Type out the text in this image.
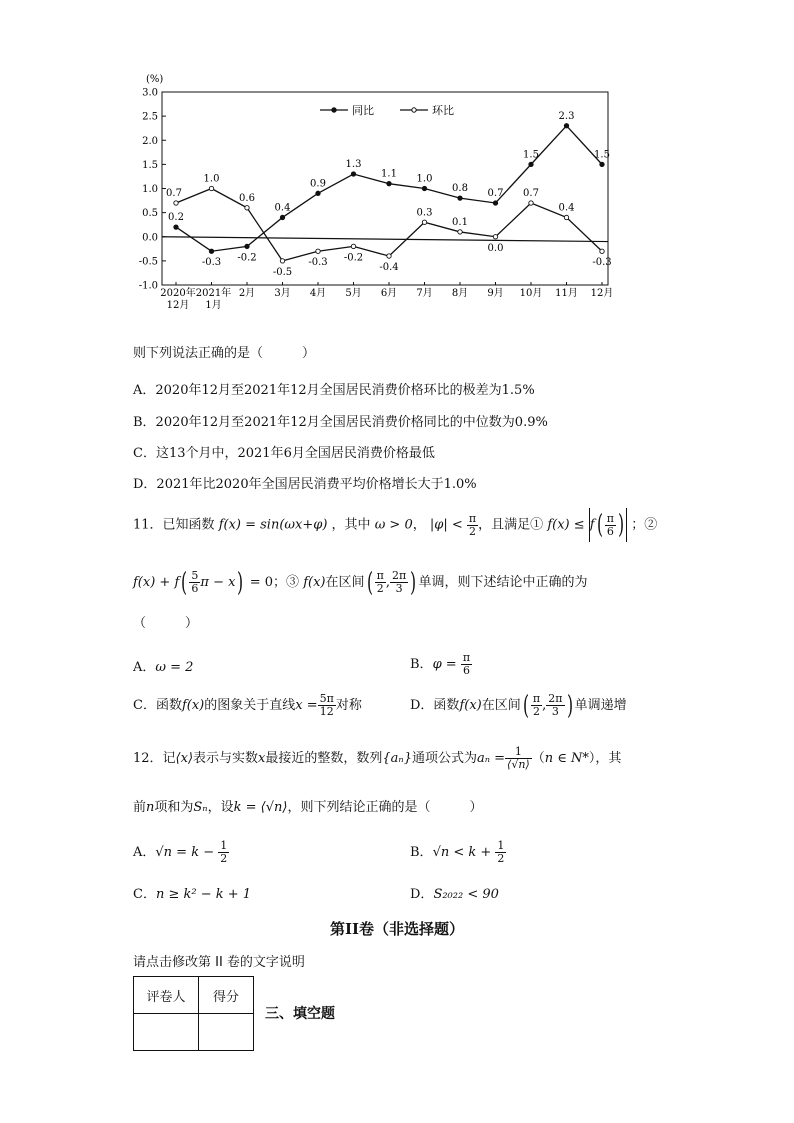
(%)
3.0
2.5
2.0
1.5
1.0
0.5
0.0
-0.5
-1.0
2020年
12月
2021年
1月
2月 3月 4月 5月 6月 7月 8月 9月 10月 11月 12月
0.2
-0.3 -0.2
0.4
0.9
1.3
1.1 1.0
0.8 0.7
1.5
2.3
1.5
0.7
1.0
0.6
-0.5
-0.3 -0.2
-0.4
0.3
0.1
0.0
0.7
0.4
-0.3
同比	环比
则下列说法正确的是（　　　）
A．2020年12月至2021年12月全国居民消费价格环比的极差为1.5%
B．2020年12月至2021年12月全国居民消费价格同比的中位数为0.9%
C．这13个月中，2021年6月全国居民消费价格最低
D．2021年比2020年全国居民消费平均价格增长大于1.0%
11．已知函数 f(x) = sin(ωx+φ) ，其中 ω > 0， $|\varphi| < \frac{\pi}{2}$ ，且满足① $f(x) \le f( \frac{\pi}{6}$ ) ；②
$f(x) + f( \frac{5}{6}$ π − x) = 0；③ f(x)在区间( $\frac{\pi}{2}$ , $\frac{2\pi}{3}$ ) 单调，则下述结论中正确的为
（　　　）
A．ω = 2	B．$\varphi = \frac{\pi}{6}$
C．函数f(x)的图象关于直线$x = \frac{5\pi}{12}$ 对称	D．函数f(x)在区间( $\frac{\pi}{2}$ , $\frac{2\pi}{3}$ ) 单调递增
12．记⟨x⟩表示与实数x最接近的整数，数列{aₙ}通项公式为$a_n = \frac{1}{⟨√n⟩} (n$ ∈ N*），其
前n项和为Sₙ，设k = ⟨√n⟩，则下列结论正确的是（　　　）
A．$√n = k - \frac{1}{2}$	B．$√n < k + \frac{1}{2}$
C．n ≥ k² − k + 1	D．S₂₀₂₂ < 90
第II卷（非选择题）
请点击修改第 II 卷的文字说明
评卷人	得分

三、填空题
